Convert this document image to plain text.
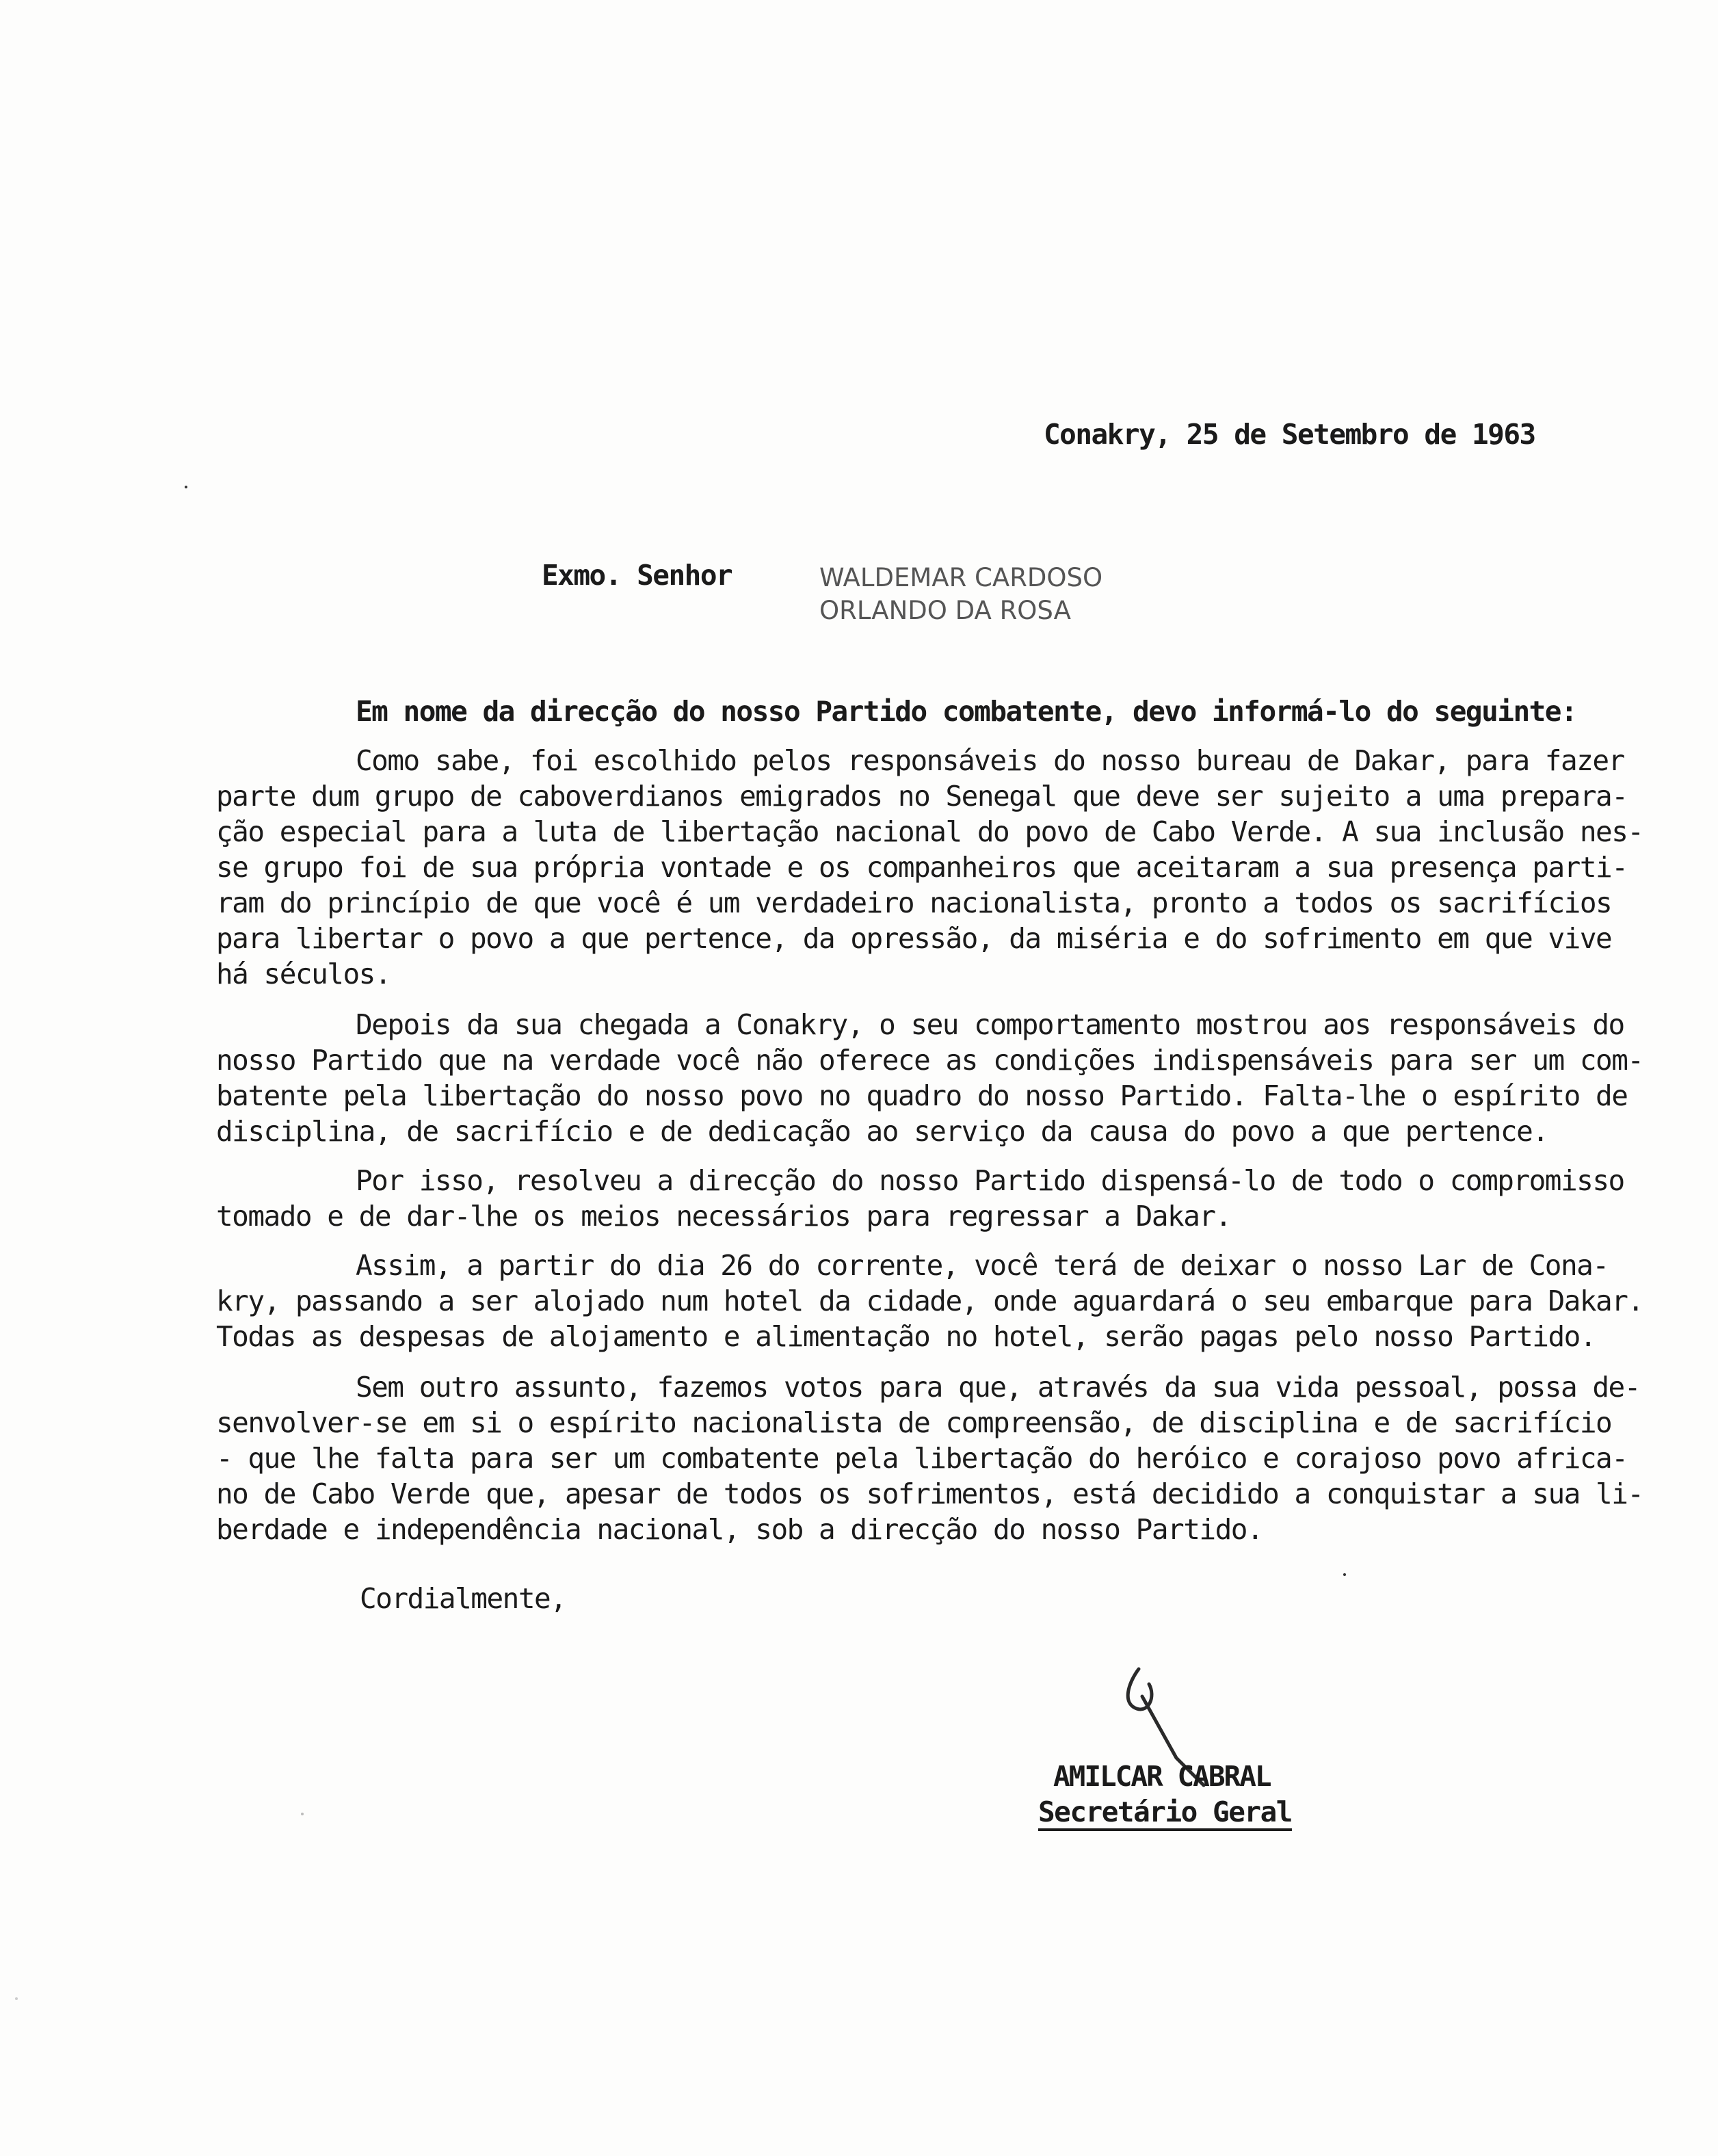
Conakry, 25 de Setembro de 1963
Exmo. Senhor	WALDEMAR CARDOSO
ORLANDO DA ROSA
Em nome da direcção do nosso Partido combatente, devo informá-lo do seguinte:
Como sabe, foi escolhido pelos responsáveis do nosso bureau de Dakar, para fazer
parte dum grupo de caboverdianos emigrados no Senegal que deve ser sujeito a uma prepara-
ção especial para a luta de libertação nacional do povo de Cabo Verde. A sua inclusão nes-
se grupo foi de sua própria vontade e os companheiros que aceitaram a sua presença parti-
ram do princípio de que você é um verdadeiro nacionalista, pronto a todos os sacrifícios
para libertar o povo a que pertence, da opressão, da miséria e do sofrimento em que vive
há séculos.
Depois da sua chegada a Conakry, o seu comportamento mostrou aos responsáveis do
nosso Partido que na verdade você não oferece as condições indispensáveis para ser um com-
batente pela libertação do nosso povo no quadro do nosso Partido. Falta-lhe o espírito de
disciplina, de sacrifício e de dedicação ao serviço da causa do povo a que pertence.
Por isso, resolveu a direcção do nosso Partido dispensá-lo de todo o compromisso
tomado e de dar-lhe os meios necessários para regressar a Dakar.
Assim, a partir do dia 26 do corrente, você terá de deixar o nosso Lar de Cona-
kry, passando a ser alojado num hotel da cidade, onde aguardará o seu embarque para Dakar.
Todas as despesas de alojamento e alimentação no hotel, serão pagas pelo nosso Partido.
Sem outro assunto, fazemos votos para que, através da sua vida pessoal, possa de-
senvolver-se em si o espírito nacionalista de compreensão, de disciplina e de sacrifício
- que lhe falta para ser um combatente pela libertação do heróico e corajoso povo africa-
no de Cabo Verde que, apesar de todos os sofrimentos, está decidido a conquistar a sua li-
berdade e independência nacional, sob a direcção do nosso Partido.
Cordialmente,
AMILCAR CABRAL
Secretário Geral
